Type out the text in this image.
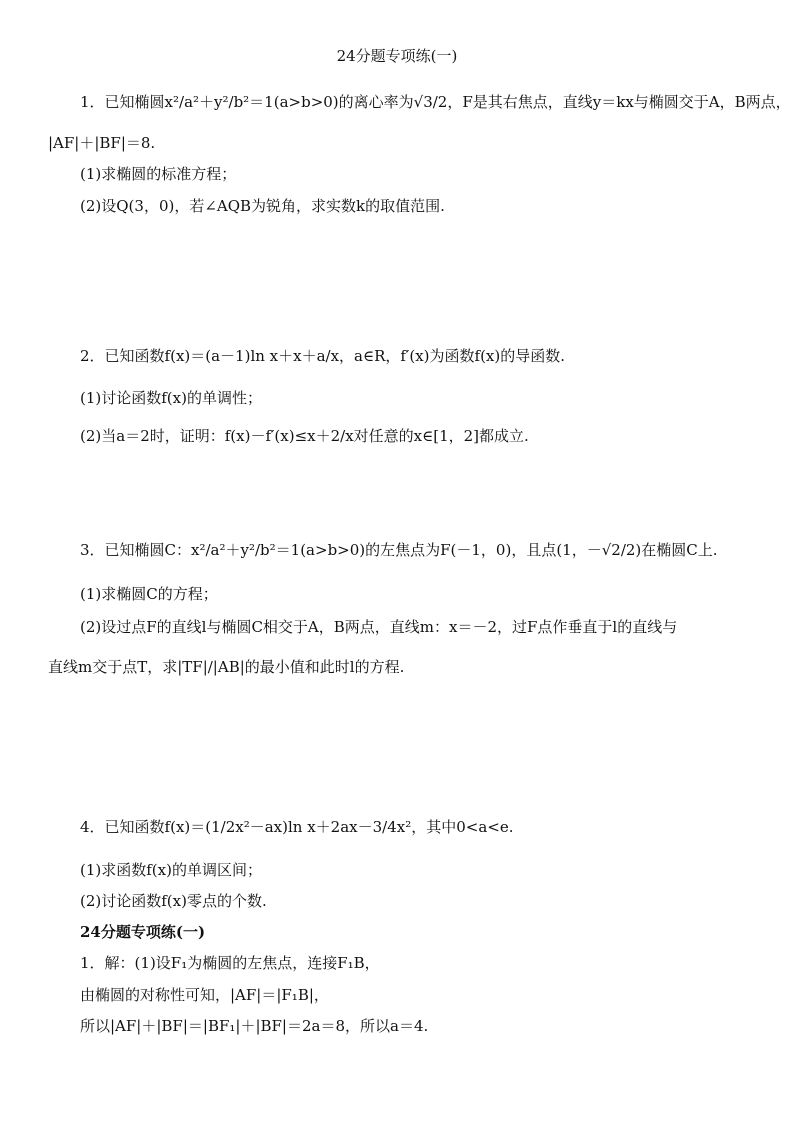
24分题专项练(一)
1．已知椭圆x²/a²＋y²/b²＝1(a>b>0)的离心率为√3/2，F是其右焦点，直线y＝kx与椭圆交于A，B两点，
|AF|＋|BF|＝8.
(1)求椭圆的标准方程；
(2)设Q(3，0)，若∠AQB为锐角，求实数k的取值范围.
2．已知函数f(x)＝(a－1)ln x＋x＋a/x，a∈R，f′(x)为函数f(x)的导函数.
(1)讨论函数f(x)的单调性；
(2)当a＝2时，证明：f(x)－f′(x)≤x＋2/x对任意的x∈[1，2]都成立.
3．已知椭圆C：x²/a²＋y²/b²＝1(a>b>0)的左焦点为F(－1，0)，且点(1，－√2/2)在椭圆C上.
(1)求椭圆C的方程；
(2)设过点F的直线l与椭圆C相交于A，B两点，直线m：x＝－2，过F点作垂直于l的直线与
直线m交于点T，求|TF|/|AB|的最小值和此时l的方程.
4．已知函数f(x)＝(1/2x²－ax)ln x＋2ax－3/4x²，其中0<a<e.
(1)求函数f(x)的单调区间；
(2)讨论函数f(x)零点的个数.
24分题专项练(一)
1．解：(1)设F₁为椭圆的左焦点，连接F₁B，
由椭圆的对称性可知，|AF|＝|F₁B|，
所以|AF|＋|BF|＝|BF₁|＋|BF|＝2a＝8，所以a＝4.
